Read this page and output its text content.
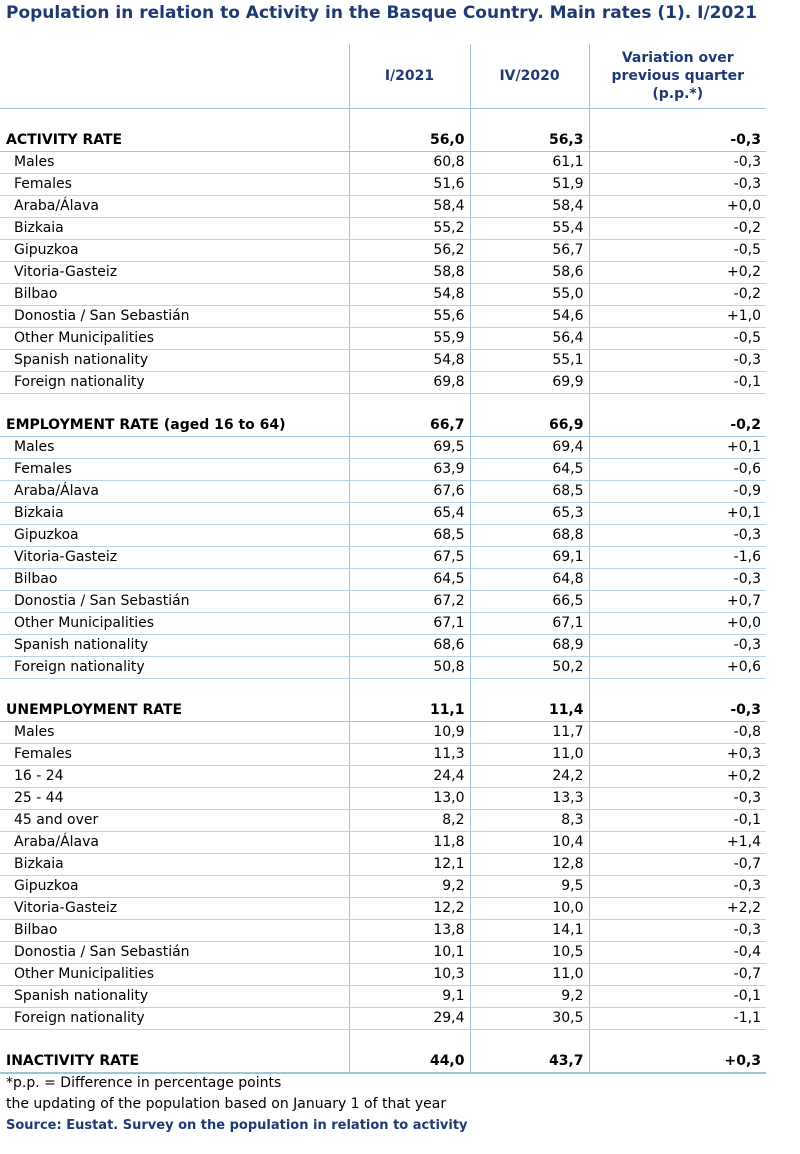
Population in relation to Activity in the Basque Country. Main rates (1). I/2021
	I/2021	IV/2020	Variation over previous quarter (p.p.*)

ACTIVITY RATE	56,0	56,3	-0,3
Males	60,8	61,1	-0,3
Females	51,6	51,9	-0,3
Araba/Álava	58,4	58,4	+0,0
Bizkaia	55,2	55,4	-0,2
Gipuzkoa	56,2	56,7	-0,5
Vitoria-Gasteiz	58,8	58,6	+0,2
Bilbao	54,8	55,0	-0,2
Donostia / San Sebastián	55,6	54,6	+1,0
Other Municipalities	55,9	56,4	-0,5
Spanish nationality	54,8	55,1	-0,3
Foreign nationality	69,8	69,9	-0,1

EMPLOYMENT RATE (aged 16 to 64)	66,7	66,9	-0,2
Males	69,5	69,4	+0,1
Females	63,9	64,5	-0,6
Araba/Álava	67,6	68,5	-0,9
Bizkaia	65,4	65,3	+0,1
Gipuzkoa	68,5	68,8	-0,3
Vitoria-Gasteiz	67,5	69,1	-1,6
Bilbao	64,5	64,8	-0,3
Donostia / San Sebastián	67,2	66,5	+0,7
Other Municipalities	67,1	67,1	+0,0
Spanish nationality	68,6	68,9	-0,3
Foreign nationality	50,8	50,2	+0,6

UNEMPLOYMENT RATE	11,1	11,4	-0,3
Males	10,9	11,7	-0,8
Females	11,3	11,0	+0,3
16 - 24	24,4	24,2	+0,2
25 - 44	13,0	13,3	-0,3
45 and over	8,2	8,3	-0,1
Araba/Álava	11,8	10,4	+1,4
Bizkaia	12,1	12,8	-0,7
Gipuzkoa	9,2	9,5	-0,3
Vitoria-Gasteiz	12,2	10,0	+2,2
Bilbao	13,8	14,1	-0,3
Donostia / San Sebastián	10,1	10,5	-0,4
Other Municipalities	10,3	11,0	-0,7
Spanish nationality	9,1	9,2	-0,1
Foreign nationality	29,4	30,5	-1,1

INACTIVITY RATE	44,0	43,7	+0,3
*p.p. = Difference in percentage points
the updating of the population based on January 1 of that year
Source: Eustat. Survey on the population in relation to activity
